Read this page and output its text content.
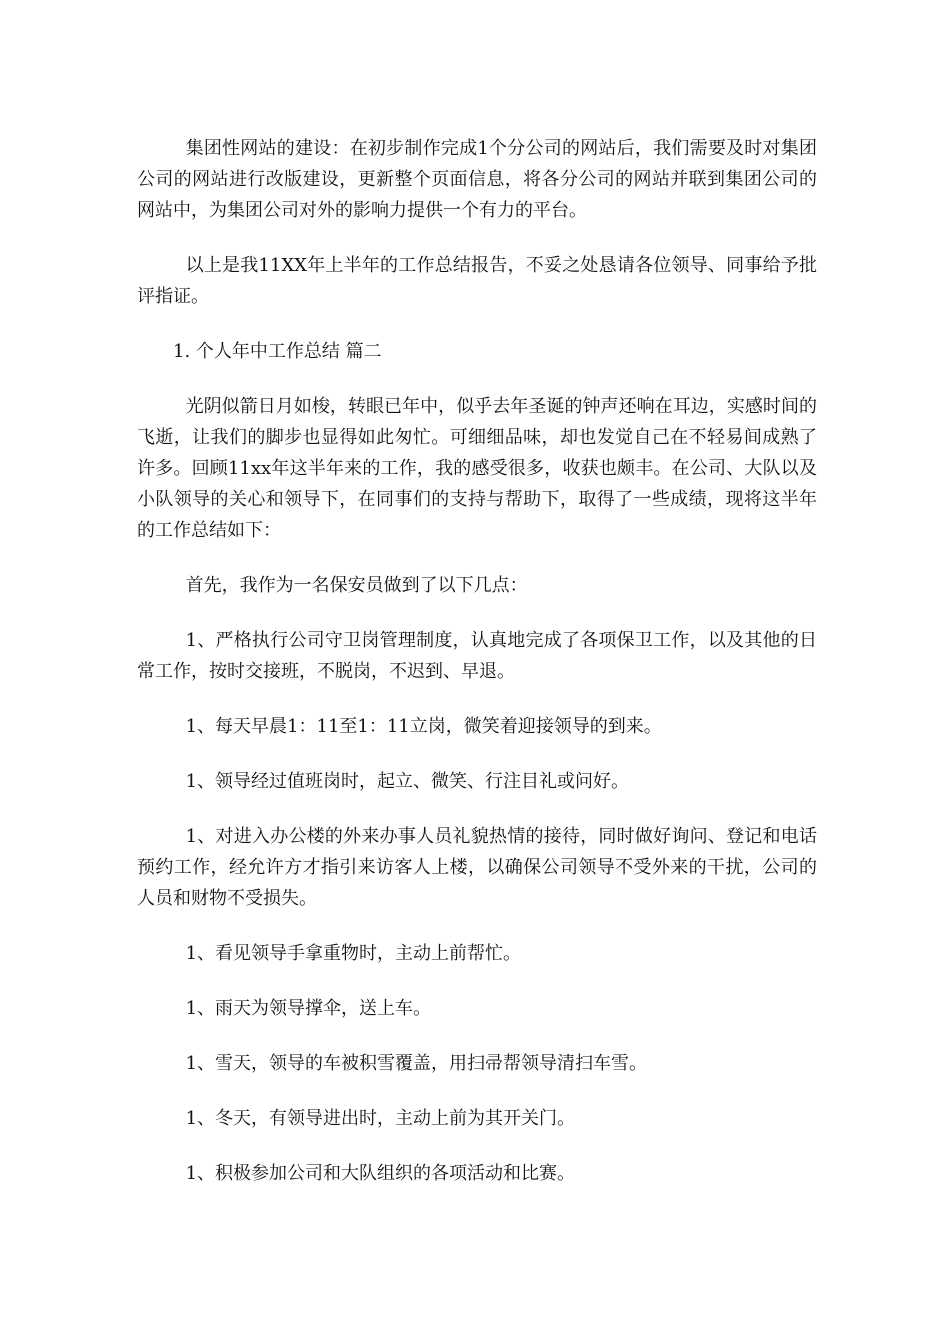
集团性网站的建设：在初步制作完成1个分公司的网站后，我们需要及时对集团公司的网站进行改版建设，更新整个页面信息，将各分公司的网站并联到集团公司的网站中，为集团公司对外的影响力提供一个有力的平台。

以上是我11XX年上半年的工作总结报告，不妥之处恳请各位领导、同事给予批评指证。

1. 个人年中工作总结 篇二

光阴似箭日月如梭，转眼已年中，似乎去年圣诞的钟声还响在耳边，实感时间的飞逝，让我们的脚步也显得如此匆忙。可细细品味，却也发觉自己在不轻易间成熟了许多。回顾11xx年这半年来的工作，我的感受很多，收获也颇丰。在公司、大队以及小队领导的关心和领导下，在同事们的支持与帮助下，取得了一些成绩，现将这半年的工作总结如下：

首先，我作为一名保安员做到了以下几点：

1、严格执行公司守卫岗管理制度，认真地完成了各项保卫工作，以及其他的日常工作，按时交接班，不脱岗，不迟到、早退。

1、每天早晨1：11至1：11立岗，微笑着迎接领导的到来。

1、领导经过值班岗时，起立、微笑、行注目礼或问好。

1、对进入办公楼的外来办事人员礼貌热情的接待，同时做好询问、登记和电话预约工作，经允许方才指引来访客人上楼，以确保公司领导不受外来的干扰，公司的人员和财物不受损失。

1、看见领导手拿重物时，主动上前帮忙。

1、雨天为领导撑伞，送上车。

1、雪天，领导的车被积雪覆盖，用扫帚帮领导清扫车雪。

1、冬天，有领导进出时，主动上前为其开关门。

1、积极参加公司和大队组织的各项活动和比赛。
